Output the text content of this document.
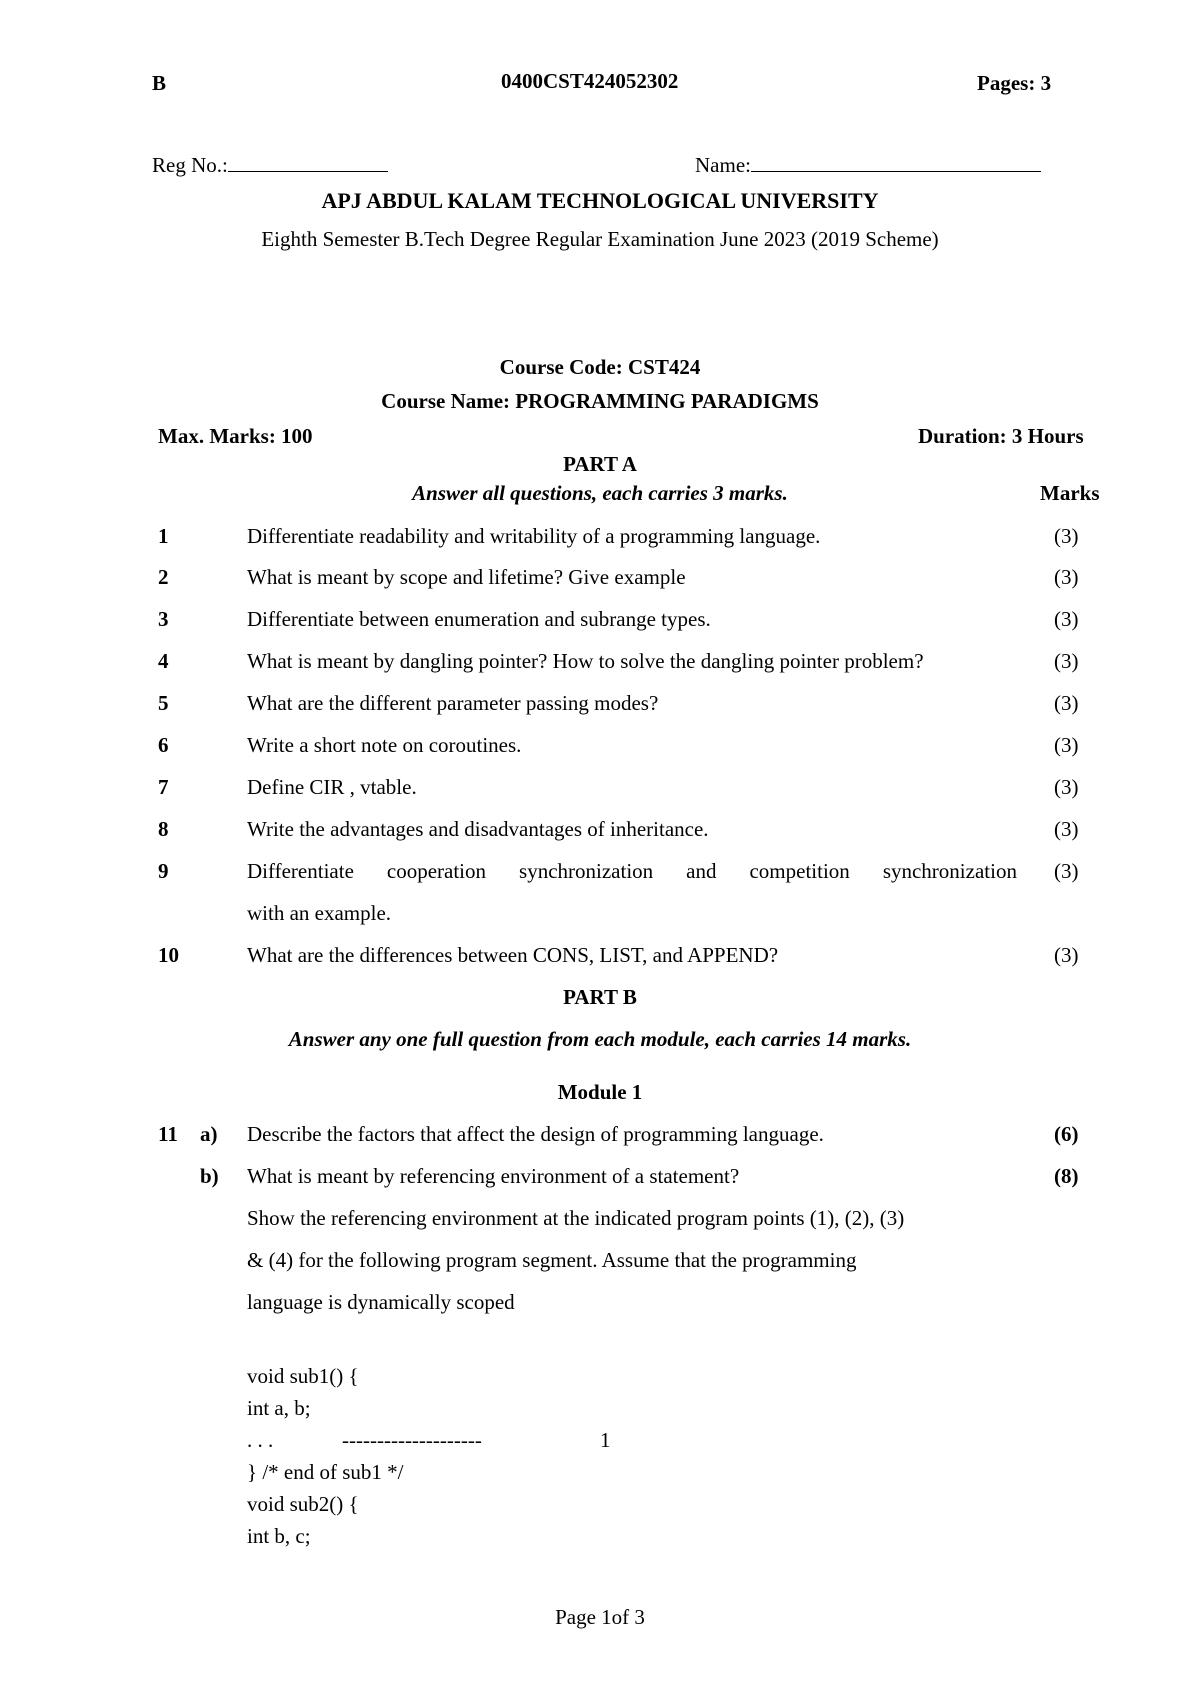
B	0400CST424052302	Pages: 3
Reg No.:	Name:
APJ ABDUL KALAM TECHNOLOGICAL UNIVERSITY
Eighth Semester B.Tech Degree Regular Examination June 2023 (2019 Scheme)
Course Code: CST424
Course Name: PROGRAMMING PARADIGMS
Max. Marks: 100	Duration: 3 Hours
PART A
Answer all questions, each carries 3 marks.	Marks
1	Differentiate readability and writability of a programming language.	(3)
2	What is meant by scope and lifetime? Give example	(3)
3	Differentiate between enumeration and subrange types.	(3)
4	What is meant by dangling pointer? How to solve the dangling pointer problem?	(3)
5	What are the different parameter passing modes?	(3)
6	Write a short note on coroutines.	(3)
7	Define CIR , vtable.	(3)
8	Write the advantages and disadvantages of inheritance.	(3)
9	Differentiate cooperation synchronization and competition synchronization (3)
with an example.
10	What are the differences between CONS, LIST, and APPEND?	(3)
PART B
Answer any one full question from each module, each carries 14 marks.
Module 1
11 a) Describe the factors that affect the design of programming language.	(6)
b) What is meant by referencing environment of a statement?	(8)
Show the referencing environment at the indicated program points (1), (2), (3)
& (4) for the following program segment. Assume that the programming
language is dynamically scoped
void sub1() {
int a, b;
. . .	--------------------	1
} /* end of sub1 */
void sub2() {
int b, c;
Page 1of 3
